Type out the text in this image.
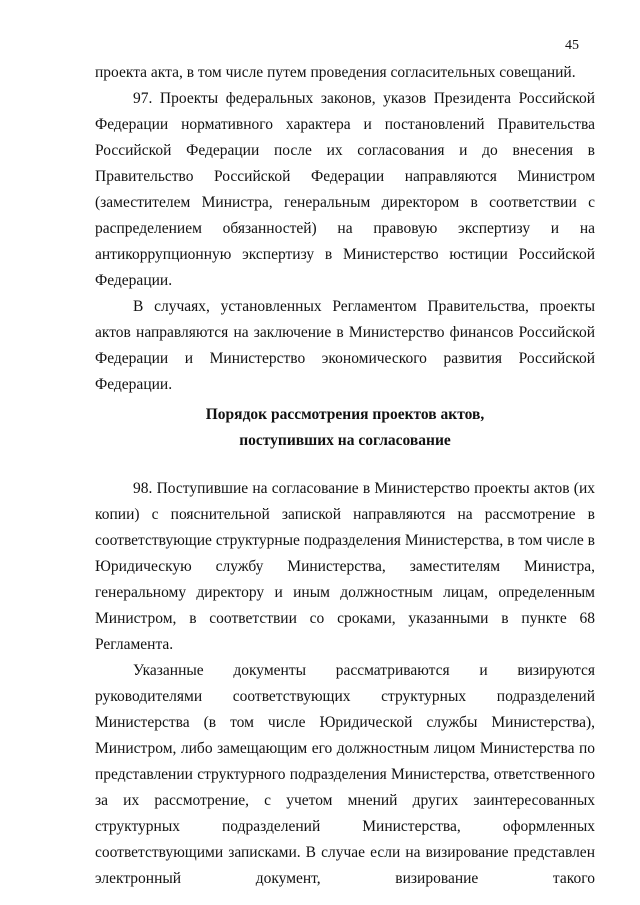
45

проекта акта, в том числе путем проведения согласительных совещаний.

97. Проекты федеральных законов, указов Президента Российской Федерации нормативного характера и постановлений Правительства Российской Федерации после их согласования и до внесения в Правительство Российской Федерации направляются Министром (заместителем Министра, генеральным директором в соответствии с распределением обязанностей) на правовую экспертизу и на антикоррупционную экспертизу в Министерство юстиции Российской Федерации.

В случаях, установленных Регламентом Правительства, проекты актов направляются на заключение в Министерство финансов Российской Федерации и Министерство экономического развития Российской Федерации.

Порядок рассмотрения проектов актов,

поступивших на согласование

98. Поступившие на согласование в Министерство проекты актов (их копии) с пояснительной запиской направляются на рассмотрение в соответствующие структурные подразделения Министерства, в том числе в Юридическую службу Министерства, заместителям Министра, генеральному директору и иным должностным лицам, определенным Министром, в соответствии со сроками, указанными в пункте 68 Регламента.

Указанные документы рассматриваются и визируются руководителями соответствующих структурных подразделений Министерства (в том числе Юридической службы Министерства), Министром, либо замещающим его должностным лицом Министерства по представлении структурного подразделения Министерства, ответственного за их рассмотрение, с учетом мнений других заинтересованных структурных подразделений Министерства, оформленных соответствующими записками. В случае если на визирование представлен электронный документ, визирование такого
